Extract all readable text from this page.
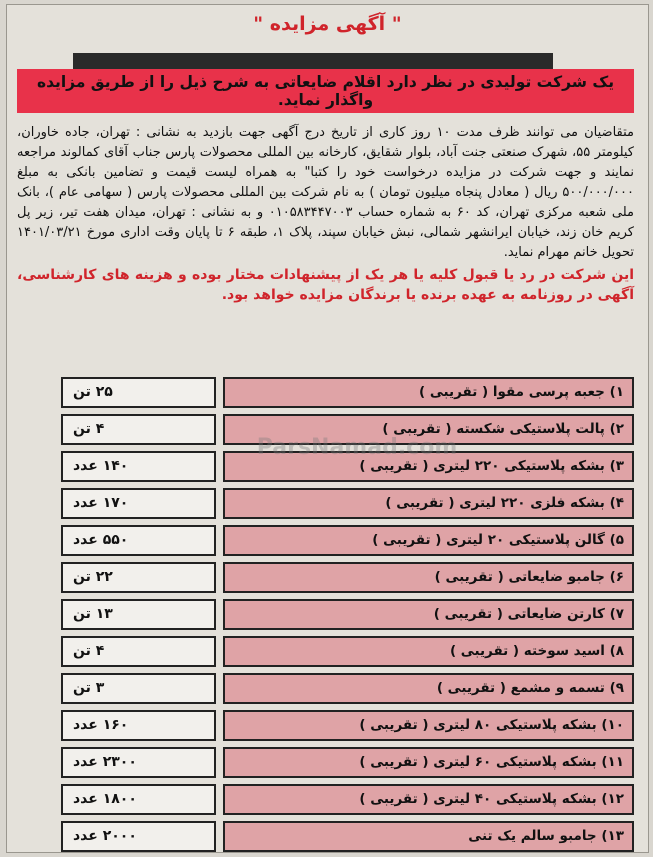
" آگهی مزایده "
یک شرکت تولیدی در نظر دارد اقلام ضایعاتی به شرح ذیل را از طریق مزایده واگذار نماید.
متقاضیان می توانند ظرف مدت ۱۰ روز کاری از تاریخ درج آگهی جهت بازدید به نشانی : تهران، جاده خاوران، کیلومتر ۵۵، شهرک صنعتی جنت آباد، بلوار شقایق، کارخانه بین المللی محصولات پارس جناب آقای کمالوند مراجعه نمایند و جهت شرکت در مزایده درخواست خود را کتبا" به همراه لیست قیمت و تضامین بانکی به مبلغ ۵۰۰/۰۰۰/۰۰۰ ریال ( معادل پنجاه میلیون تومان ) به نام شرکت بین المللی محصولات پارس ( سهامی عام )، بانک ملی شعبه مرکزی تهران، کد ۶۰ به شماره حساب ۰۱۰۵۸۳۴۴۷۰۰۳ و به نشانی : تهران، میدان هفت تیر، زیر پل کریم خان زند، خیابان ایرانشهر شمالی، نبش خیابان سپند، پلاک ۱، طبقه ۶ تا پایان وقت اداری مورخ ۱۴۰۱/۰۳/۲۱ تحویل خانم مهرام نماید.
این شرکت در رد یا قبول کلیه یا هر یک از پیشنهادات مختار بوده و هزینه های کارشناسی، آگهی در روزنامه به عهده برنده یا برندگان مزایده خواهد بود.
۱) جعبه پرسی مقوا ( تقریبی )
۲۵ تن
۲) پالت پلاستیکی شکسته ( تقریبی )
۴ تن
۳) بشکه پلاستیکی ۲۲۰ لیتری ( تقریبی )
۱۴۰ عدد
۴) بشکه فلزی ۲۲۰ لیتری ( تقریبی )
۱۷۰ عدد
۵) گالن پلاستیکی ۲۰ لیتری ( تقریبی )
۵۵۰ عدد
۶) جامبو ضایعاتی ( تقریبی )
۲۲ تن
۷) کارتن ضایعاتی ( تقریبی )
۱۳ تن
۸) اسید سوخته ( تقریبی )
۴ تن
۹) تسمه و مشمع ( تقریبی )
۳ تن
۱۰) بشکه پلاستیکی ۸۰ لیتری ( تقریبی )
۱۶۰ عدد
۱۱) بشکه پلاستیکی ۶۰ لیتری ( تقریبی )
۲۳۰۰ عدد
۱۲) بشکه پلاستیکی ۴۰ لیتری ( تقریبی )
۱۸۰۰ عدد
۱۳) جامبو سالم یک تنی
۲۰۰۰ عدد
ParsNamad.com
